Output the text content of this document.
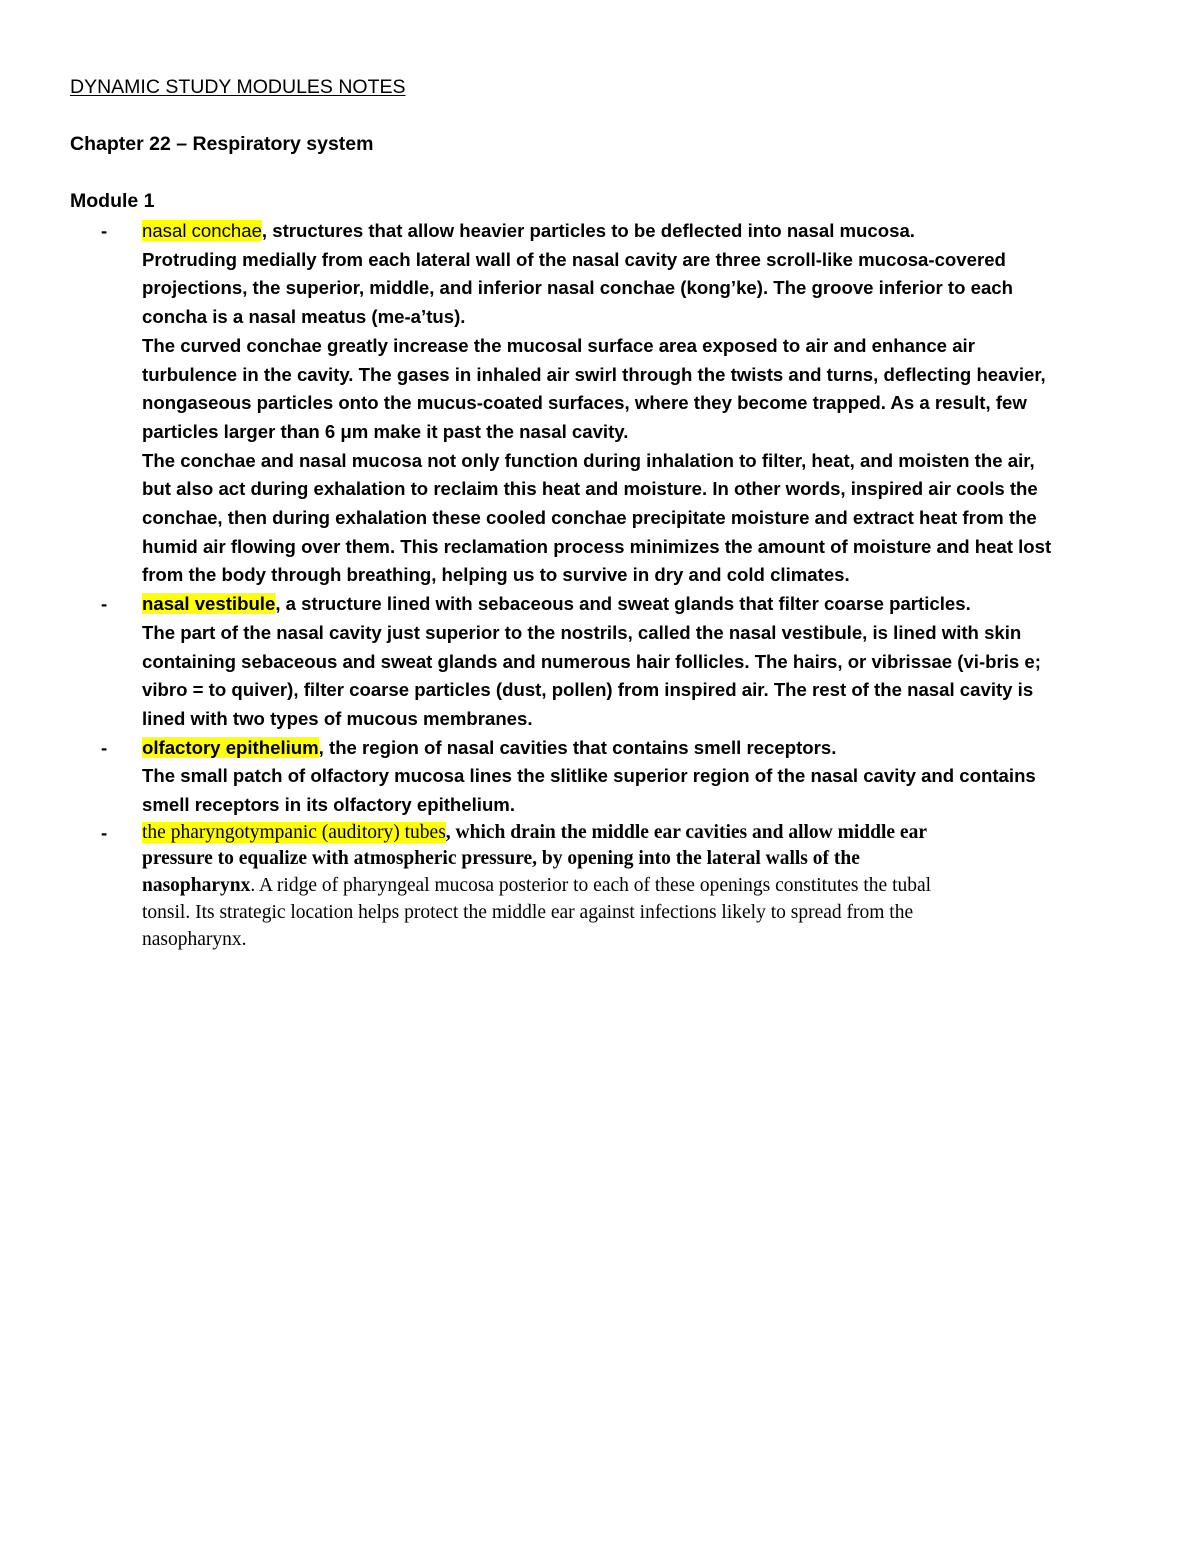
DYNAMIC STUDY MODULES NOTES
Chapter 22 – Respiratory system
Module 1
- nasal conchae, structures that allow heavier particles to be deflected into nasal mucosa.

Protruding medially from each lateral wall of the nasal cavity are three scroll-like mucosa-covered

projections, the superior, middle, and inferior nasal conchae (kong’ke). The groove inferior to each

concha is a nasal meatus (me-a’tus).

The curved conchae greatly increase the mucosal surface area exposed to air and enhance air

turbulence in the cavity. The gases in inhaled air swirl through the twists and turns, deflecting heavier,

nongaseous particles onto the mucus-coated surfaces, where they become trapped. As a result, few

particles larger than 6 μm make it past the nasal cavity.

The conchae and nasal mucosa not only function during inhalation to filter, heat, and moisten the air,

but also act during exhalation to reclaim this heat and moisture. In other words, inspired air cools the

conchae, then during exhalation these cooled conchae precipitate moisture and extract heat from the

humid air flowing over them. This reclamation process minimizes the amount of moisture and heat lost

from the body through breathing, helping us to survive in dry and cold climates.

- nasal vestibule, a structure lined with sebaceous and sweat glands that filter coarse particles.

The part of the nasal cavity just superior to the nostrils, called the nasal vestibule, is lined with skin

containing sebaceous and sweat glands and numerous hair follicles. The hairs, or vibrissae (vi-bris e;

vibro = to quiver), filter coarse particles (dust, pollen) from inspired air. The rest of the nasal cavity is

lined with two types of mucous membranes.

- olfactory epithelium, the region of nasal cavities that contains smell receptors.

The small patch of olfactory mucosa lines the slitlike superior region of the nasal cavity and contains

smell receptors in its olfactory epithelium.

- the pharyngotympanic (auditory) tubes, which drain the middle ear cavities and allow middle ear

pressure to equalize with atmospheric pressure, by opening into the lateral walls of the

nasopharynx. A ridge of pharyngeal mucosa posterior to each of these openings constitutes the tubal

tonsil. Its strategic location helps protect the middle ear against infections likely to spread from the

nasopharynx.
